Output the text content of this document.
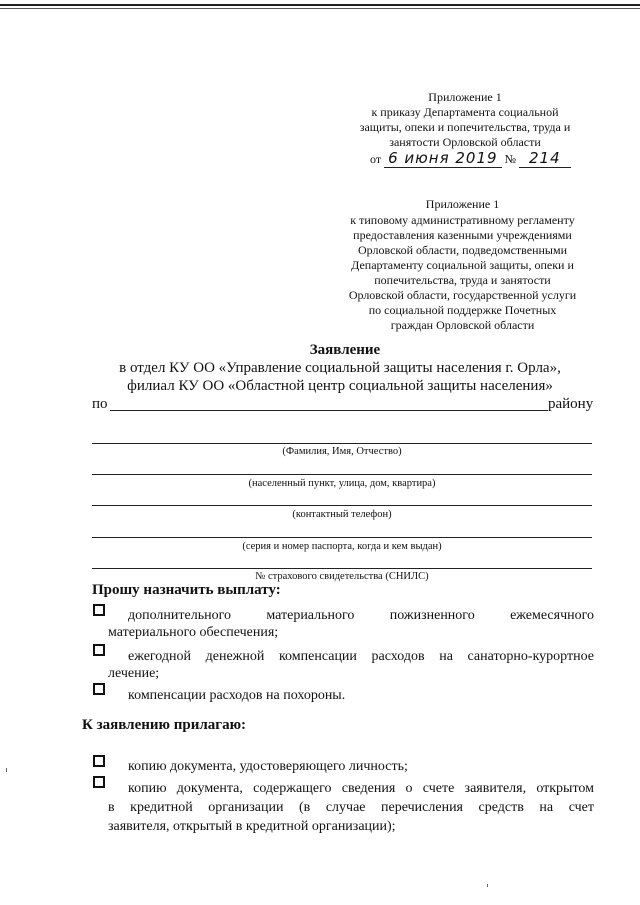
Приложение 1
к приказу Департамента социальной
защиты, опеки и попечительства, труда и
занятости Орловской области
от 6 июня 2019 № 214
Приложение 1
к типовому административному регламенту
предоставления казенными учреждениями
Орловской области, подведомственными
Департаменту социальной защиты, опеки и
попечительства, труда и занятости
Орловской области, государственной услуги
по социальной поддержке Почетных
граждан Орловской области
Заявление
в отдел КУ ОО «Управление социальной защиты населения г. Орла»,
филиал КУ ОО «Областной центр социальной защиты населения»
по	району
(Фамилия, Имя, Отчество)
(населенный пункт, улица, дом, квартира)
(контактный телефон)
(серия и номер паспорта, когда и кем выдан)
№ страхового свидетельства (СНИЛС)
Прошу назначить выплату:
дополнительного материального пожизненного ежемесячного
материального обеспечения;
ежегодной денежной компенсации расходов на санаторно-курортное
лечение;
компенсации расходов на похороны.
К заявлению прилагаю:
копию документа, удостоверяющего личность;
копию документа, содержащего сведения о счете заявителя, открытом
в кредитной организации (в случае перечисления средств на счет
заявителя, открытый в кредитной организации);
